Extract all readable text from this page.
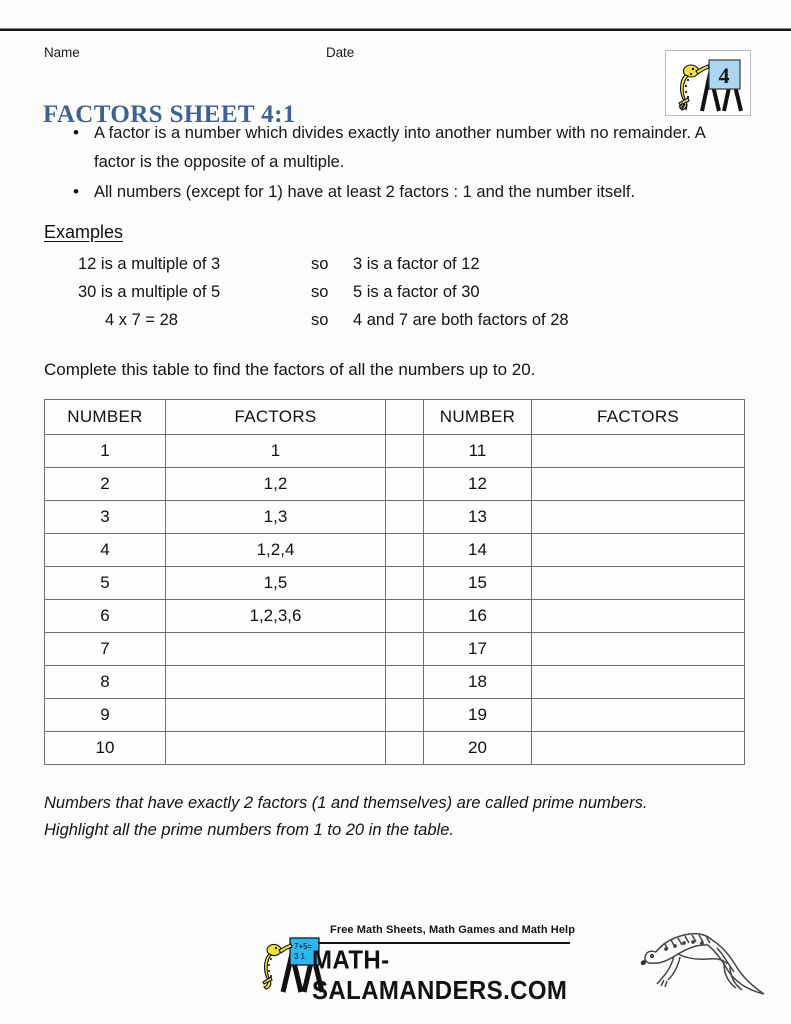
Name	Date
4
FACTORS SHEET 4:1
• A factor is a number which divides exactly into another number with no remainder. A factor is the opposite of a multiple.
• All numbers (except for 1) have at least 2 factors : 1 and the number itself.
Examples
12 is a multiple of 3	so	3 is a factor of 12
30 is a multiple of 5	so	5 is a factor of 30
4 x 7 = 28	so	4 and 7 are both factors of 28
Complete this table to find the factors of all the numbers up to 20.
NUMBER	FACTORS		NUMBER	FACTORS
1	1		11	
2	1,2		12	
3	1,3		13	
4	1,2,4		14	
5	1,5		15	
6	1,2,3,6		16	
7			17	
8			18	
9			19	
10			20	
Numbers that have exactly 2 factors (1 and themselves) are called prime numbers.
Highlight all the prime numbers from 1 to 20 in the table.
7+5=
3 1
Free Math Sheets, Math Games and Math Help
MATH-SALAMANDERS.COM
